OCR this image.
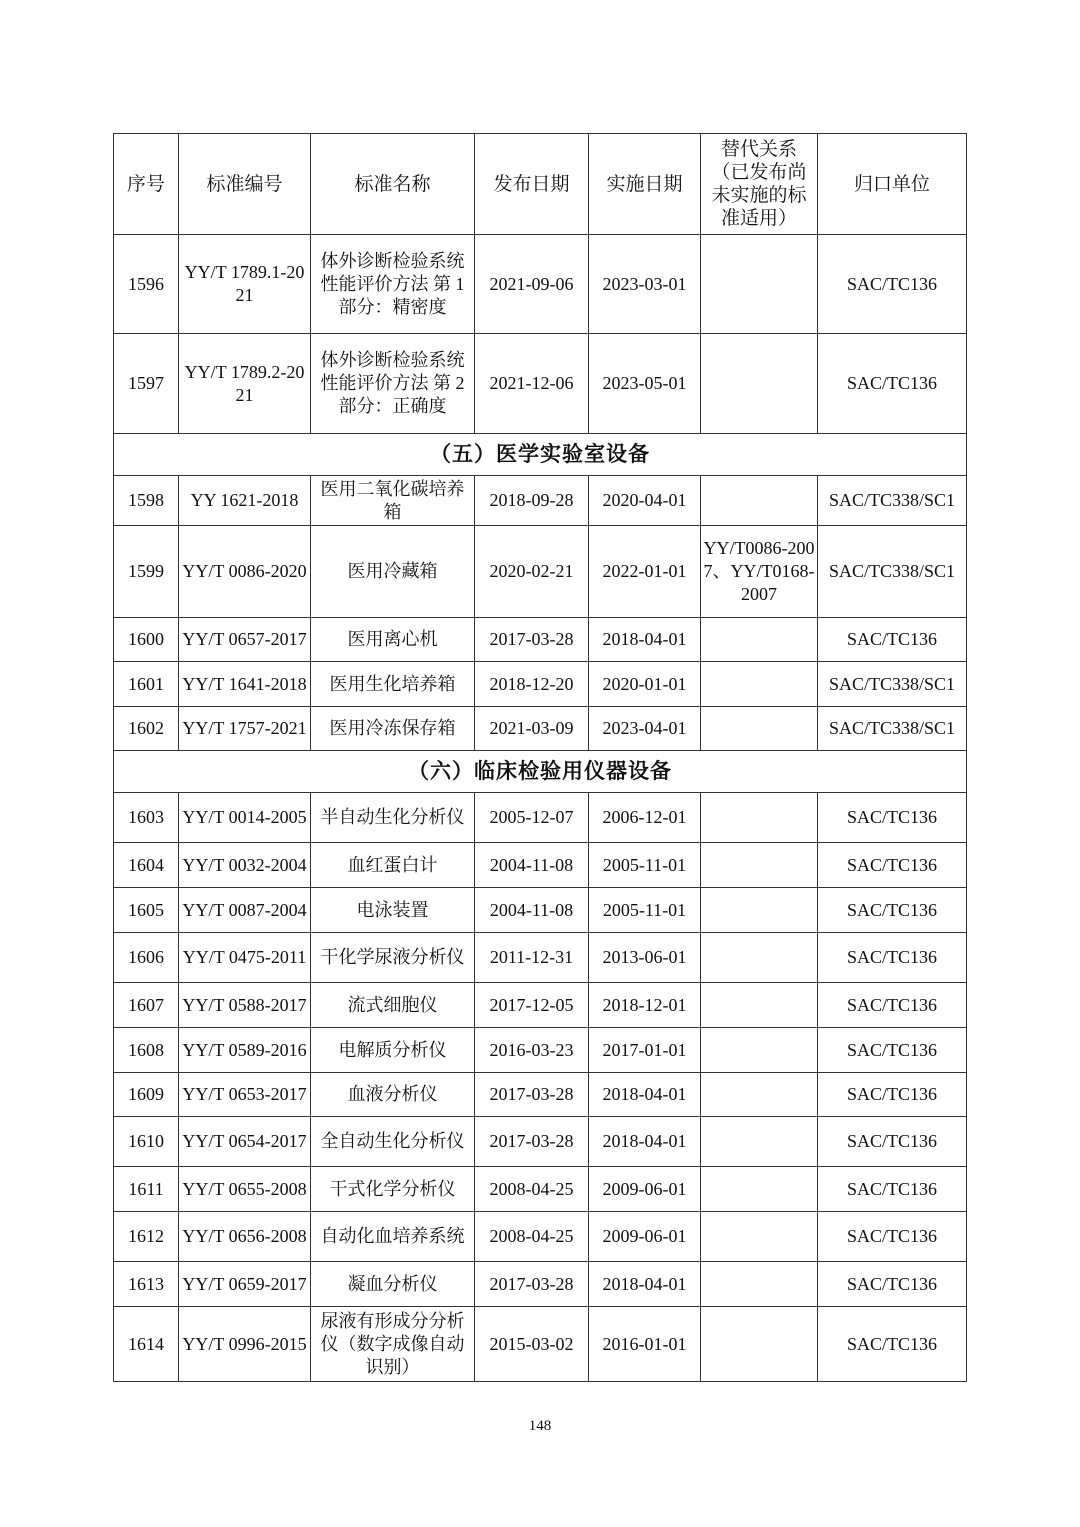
序号	标准编号	标准名称	发布日期	实施日期	替代关系（已发布尚未实施的标准适用）	归口单位
1596	YY/T 1789.1-2021	体外诊断检验系统 性能评价方法 第 1 部分：精密度	2021-09-06	2023-03-01		SAC/TC136
1597	YY/T 1789.2-2021	体外诊断检验系统 性能评价方法 第 2 部分：正确度	2021-12-06	2023-05-01		SAC/TC136
（五）医学实验室设备						
1598	YY 1621-2018	医用二氧化碳培养箱	2018-09-28	2020-04-01		SAC/TC338/SC1
1599	YY/T 0086-2020	医用冷藏箱	2020-02-21	2022-01-01	YY/T0086-2007、YY/T0168-2007	SAC/TC338/SC1
1600	YY/T 0657-2017	医用离心机	2017-03-28	2018-04-01		SAC/TC136
1601	YY/T 1641-2018	医用生化培养箱	2018-12-20	2020-01-01		SAC/TC338/SC1
1602	YY/T 1757-2021	医用冷冻保存箱	2021-03-09	2023-04-01		SAC/TC338/SC1
（六）临床检验用仪器设备						
1603	YY/T 0014-2005	半自动生化分析仪	2005-12-07	2006-12-01		SAC/TC136
1604	YY/T 0032-2004	血红蛋白计	2004-11-08	2005-11-01		SAC/TC136
1605	YY/T 0087-2004	电泳装置	2004-11-08	2005-11-01		SAC/TC136
1606	YY/T 0475-2011	干化学尿液分析仪	2011-12-31	2013-06-01		SAC/TC136
1607	YY/T 0588-2017	流式细胞仪	2017-12-05	2018-12-01		SAC/TC136
1608	YY/T 0589-2016	电解质分析仪	2016-03-23	2017-01-01		SAC/TC136
1609	YY/T 0653-2017	血液分析仪	2017-03-28	2018-04-01		SAC/TC136
1610	YY/T 0654-2017	全自动生化分析仪	2017-03-28	2018-04-01		SAC/TC136
1611	YY/T 0655-2008	干式化学分析仪	2008-04-25	2009-06-01		SAC/TC136
1612	YY/T 0656-2008	自动化血培养系统	2008-04-25	2009-06-01		SAC/TC136
1613	YY/T 0659-2017	凝血分析仪	2017-03-28	2018-04-01		SAC/TC136
1614	YY/T 0996-2015	尿液有形成分分析仪（数字成像自动识别）	2015-03-02	2016-01-01		SAC/TC136
148
